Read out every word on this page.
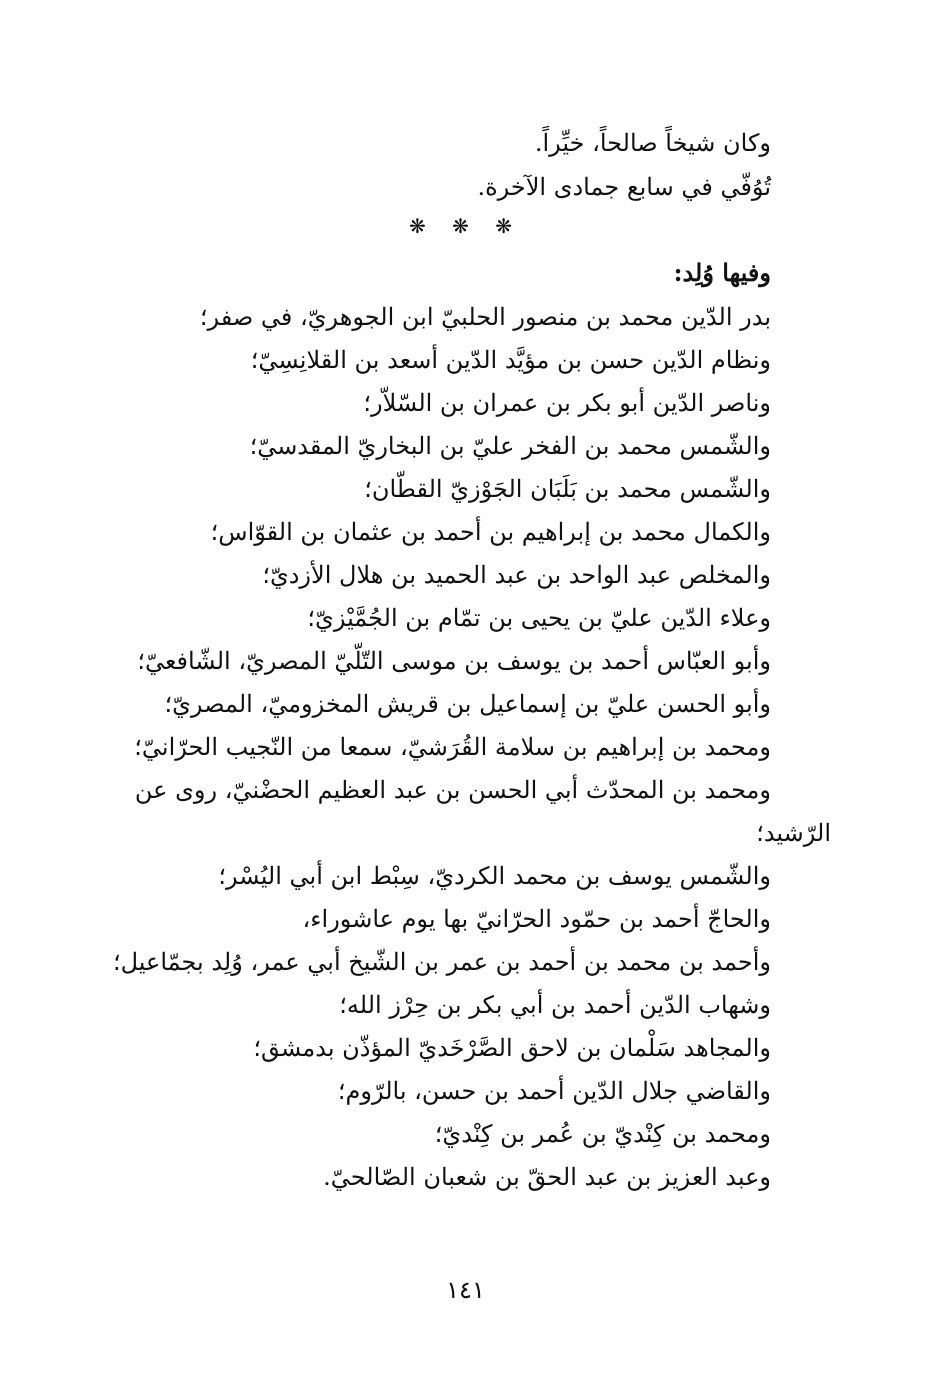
وكان شيخاً صالحاً، خيِّراً.
تُوُفّي في سابع جمادى الآخرة.
❋ ❋ ❋
وفيها وُلِد:
بدر الدّين محمد بن منصور الحلبيّ ابن الجوهريّ، في صفر؛
ونظام الدّين حسن بن مؤيَّد الدّين أسعد بن القلانِسِيّ؛
وناصر الدّين أبو بكر بن عمران بن السّلاّر؛
والشّمس محمد بن الفخر عليّ بن البخاريّ المقدسيّ؛
والشّمس محمد بن بَلَبَان الجَوْزيّ القطّان؛
والكمال محمد بن إبراهيم بن أحمد بن عثمان بن القوّاس؛
والمخلص عبد الواحد بن عبد الحميد بن هلال الأزديّ؛
وعلاء الدّين عليّ بن يحيى بن تمّام بن الجُمَّيْزيّ؛
وأبو العبّاس أحمد بن يوسف بن موسى التّلّيّ المصريّ، الشّافعيّ؛
وأبو الحسن عليّ بن إسماعيل بن قريش المخزوميّ، المصريّ؛
ومحمد بن إبراهيم بن سلامة القُرَشيّ، سمعا من النّجيب الحرّانيّ؛
ومحمد بن المحدّث أبي الحسن بن عبد العظيم الحضْنيّ، روى عن
الرّشيد؛
والشّمس يوسف بن محمد الكرديّ، سِبْط ابن أبي اليُسْر؛
والحاجّ أحمد بن حمّود الحرّانيّ بها يوم عاشوراء،
وأحمد بن محمد بن أحمد بن عمر بن الشّيخ أبي عمر، وُلِد بجمّاعيل؛
وشهاب الدّين أحمد بن أبي بكر بن حِرْز الله؛
والمجاهد سَلْمان بن لاحق الصَّرْخَديّ المؤذّن بدمشق؛
والقاضي جلال الدّين أحمد بن حسن، بالرّوم؛
ومحمد بن كِنْديّ بن عُمر بن كِنْديّ؛
وعبد العزيز بن عبد الحقّ بن شعبان الصّالحيّ.
١٤١
